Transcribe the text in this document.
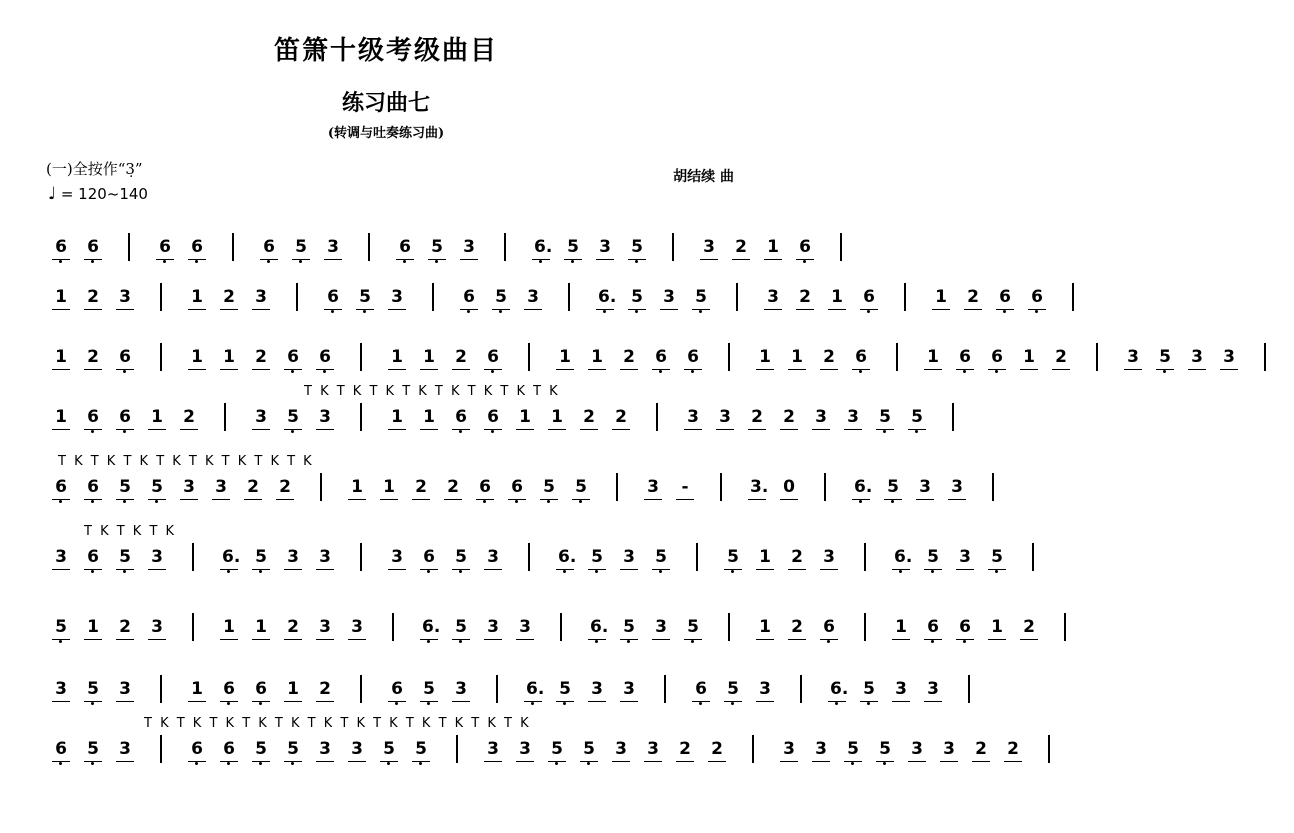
笛箫十级考级曲目
练习曲七
(转调与吐奏练习曲)
(一)全按作“3̣”	胡结续 曲
♩ = 120~140
6 6	6 6	6 5 3	6 5 3	6. 5 3 5	3 2 1 6
1 2 3	1 2 3	6 5 3	6 5 3	6. 5 3 5	3 2 1 6	1 2 6 6
1 2 6	1 1 2 6 6	1 1 2 6	1 1 2 6 6	1 1 2 6	1 6 6 1 2	3 5 3 3
T K T K T K T K T K T K T K T K
1 6 6 1 2	3 5 3	1 1 6 6 1 1 2 2	3 3 2 2 3 3 5 5
T K T K T K T K T K T K T K T K
6 6 5 5 3 3 2 2	1 1 2 2 6 6 5 5	3 -	3. 0	6. 5 3 3
T K T K T K
3 6 5 3	6. 5 3 3	3 6 5 3	6. 5 3 5	5 1 2 3	6. 5 3 5
5 1 2 3	1 1 2 3 3	6. 5 3 3	6. 5 3 5	1 2 6	1 6 6 1 2
3 5 3	1 6 6 1 2	6 5 3	6. 5 3 3	6 5 3	6. 5 3 3
T K T K T K T K T K T K T K T K T K T K T K T K
6 5 3	6 6 5 5 3 3 5 5	3 3 5 5 3 3 2 2	3 3 5 5 3 3 2 2
